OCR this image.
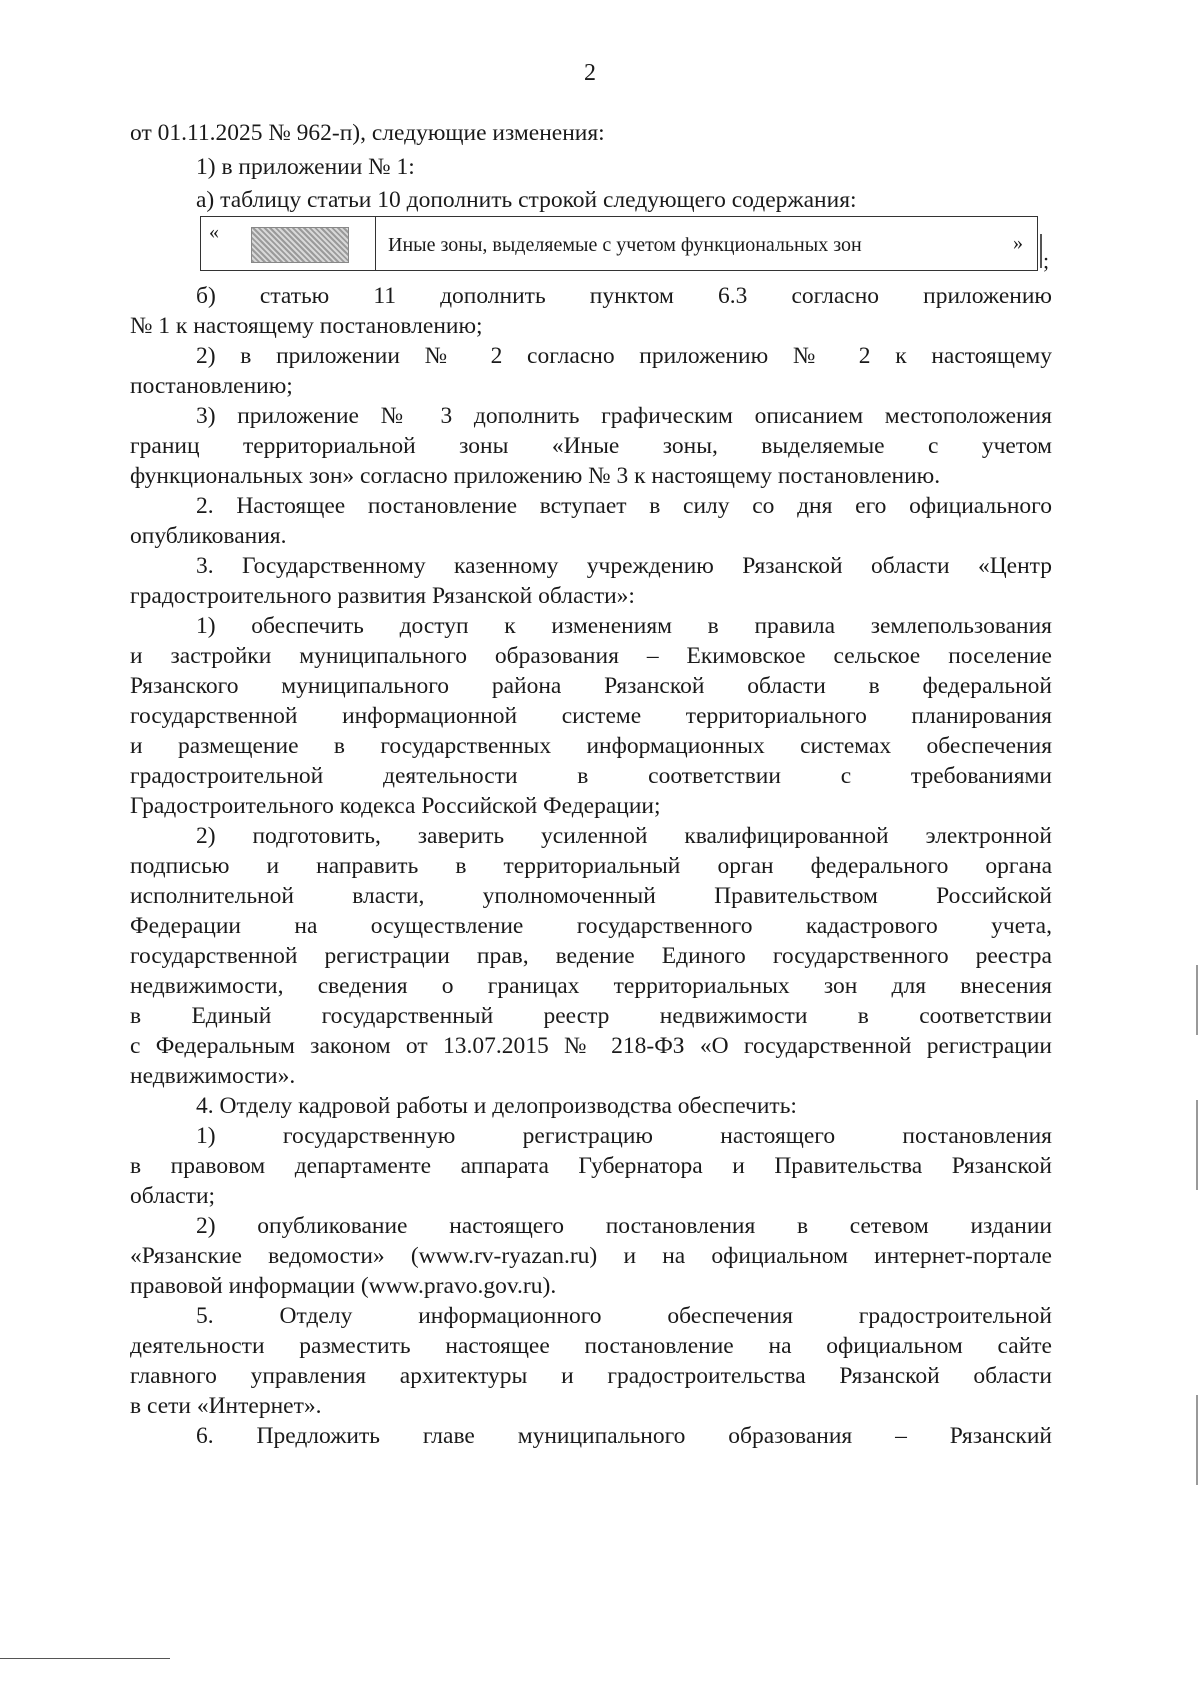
2

от 01.11.2025 № 962-п), следующие изменения:

1) в приложении № 1:

а) таблицу статьи 10 дополнить строкой следующего содержания:

«
Иные зоны, выделяемые с учетом функциональных зон	»
;

б) статью 11 дополнить пунктом 6.3 согласно приложению

№ 1 к настоящему постановлению;

2) в приложении № 2 согласно приложению № 2 к настоящему

постановлению;

3) приложение № 3 дополнить графическим описанием местоположения

границ территориальной зоны «Иные зоны, выделяемые с учетом

функциональных зон» согласно приложению № 3 к настоящему постановлению.

2. Настоящее постановление вступает в силу со дня его официального

опубликования.

3. Государственному казенному учреждению Рязанской области «Центр

градостроительного развития Рязанской области»:

1) обеспечить доступ к изменениям в правила землепользования

и застройки муниципального образования – Екимовское сельское поселение

Рязанского муниципального района Рязанской области в федеральной

государственной информационной системе территориального планирования

и размещение в государственных информационных системах обеспечения

градостроительной деятельности в соответствии с требованиями

Градостроительного кодекса Российской Федерации;

2) подготовить, заверить усиленной квалифицированной электронной

подписью и направить в территориальный орган федерального органа

исполнительной власти, уполномоченный Правительством Российской

Федерации на осуществление государственного кадастрового учета,

государственной регистрации прав, ведение Единого государственного реестра

недвижимости, сведения о границах территориальных зон для внесения

в Единый государственный реестр недвижимости в соответствии

с Федеральным законом от 13.07.2015 № 218-ФЗ «О государственной регистрации

недвижимости».

4. Отделу кадровой работы и делопроизводства обеспечить:

1) государственную регистрацию настоящего постановления

в правовом департаменте аппарата Губернатора и Правительства Рязанской

области;

2) опубликование настоящего постановления в сетевом издании

«Рязанские ведомости» (www.rv-ryazan.ru) и на официальном интернет-портале

правовой информации (www.pravo.gov.ru).

5. Отделу информационного обеспечения градостроительной

деятельности разместить настоящее постановление на официальном сайте

главного управления архитектуры и градостроительства Рязанской области

в сети «Интернет».

6. Предложить главе муниципального образования – Рязанский
